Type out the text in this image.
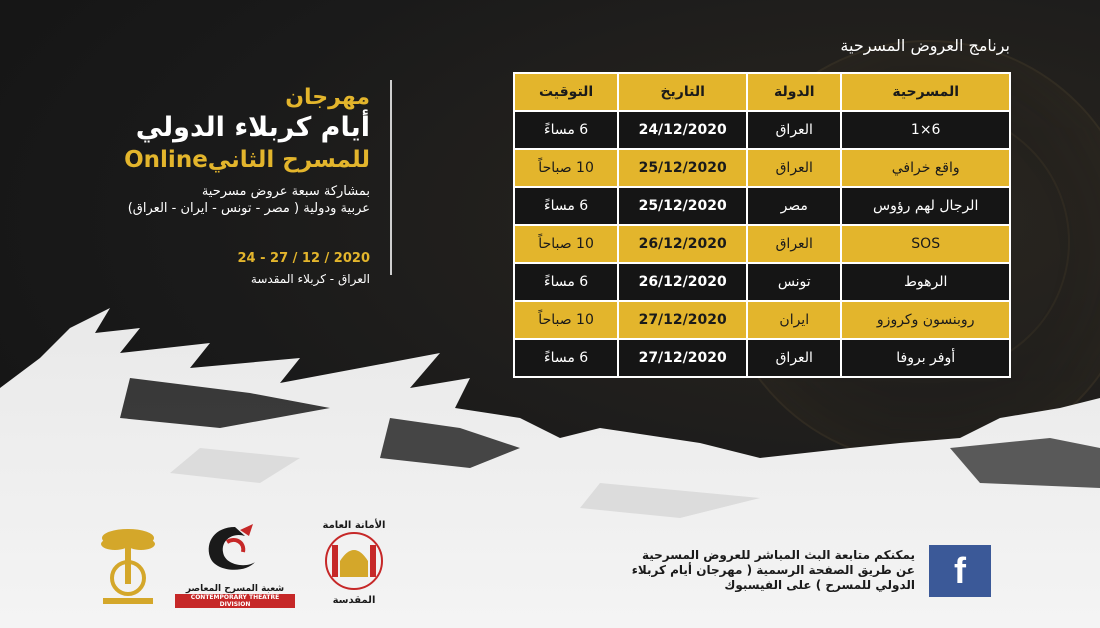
مهرجان
أيام كربلاء الدولي
للمسرح الثانيOnline
بمشاركة سبعة عروض مسرحية
عربية ودولية ( مصر - تونس - ايران - العراق)
24 - 27 / 12 / 2020
العراق - كربلاء المقدسة
برنامج العروض المسرحية
المسرحية	الدولة	التاريخ	التوقيت
6×1	العراق	24/12/2020	6 مساءً
واقع خرافي	العراق	25/12/2020	10 صباحاً
الرجال لهم رؤوس	مصر	25/12/2020	6 مساءً
SOS	العراق	26/12/2020	10 صباحاً
الرهوط	تونس	26/12/2020	6 مساءً
روبنسون وكروزو	ايران	27/12/2020	10 صباحاً
أوفر بروفا	العراق	27/12/2020	6 مساءً
يمكنكم متابعة البث المباشر للعروض المسرحية
عن طريق الصفحة الرسمية ( مهرجان أيام كربلاء
الدولي للمسرح ) على الفيسبوك f
شعبة المسرح المعاصر
CONTEMPORARY THEATRE DIVISION
الأمانة العامة
المقدسة
